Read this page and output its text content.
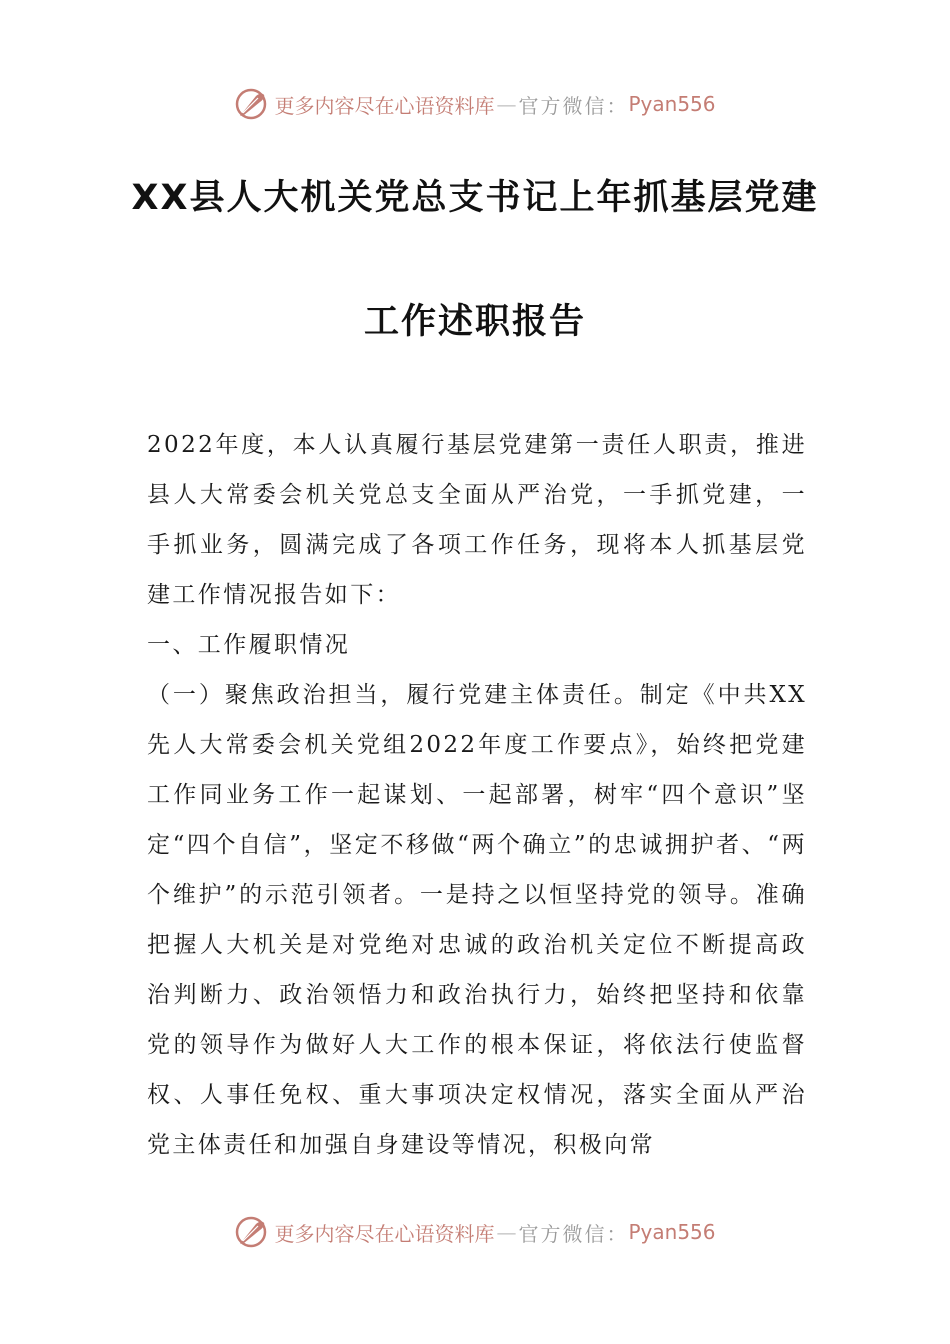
更多内容尽在心语资料库 — 官方微信： Pyan556
XX县人大机关党总支书记上年抓基层党建
工作述职报告

2022年度，本人认真履行基层党建第一责任人职责，推进县人大常委会机关党总支全面从严治党，一手抓党建，一手抓业务，圆满完成了各项工作任务，现将本人抓基层党建工作情况报告如下：

一、工作履职情况

（一）聚焦政治担当，履行党建主体责任。制定《中共XX先人大常委会机关党组2022年度工作要点》，始终把党建工作同业务工作一起谋划、一起部署，树牢“四个意识”坚定“四个自信”，坚定不移做“两个确立”的忠诚拥护者、“两个维护”的示范引领者。一是持之以恒坚持党的领导。准确把握人大机关是对党绝对忠诚的政治机关定位不断提高政治判断力、政治领悟力和政治执行力，始终把坚持和依靠党的领导作为做好人大工作的根本保证，将依法行使监督权、人事任免权、重大事项决定权情况，落实全面从严治党主体责任和加强自身建设等情况，积极向常

更多内容尽在心语资料库 — 官方微信： Pyan556
